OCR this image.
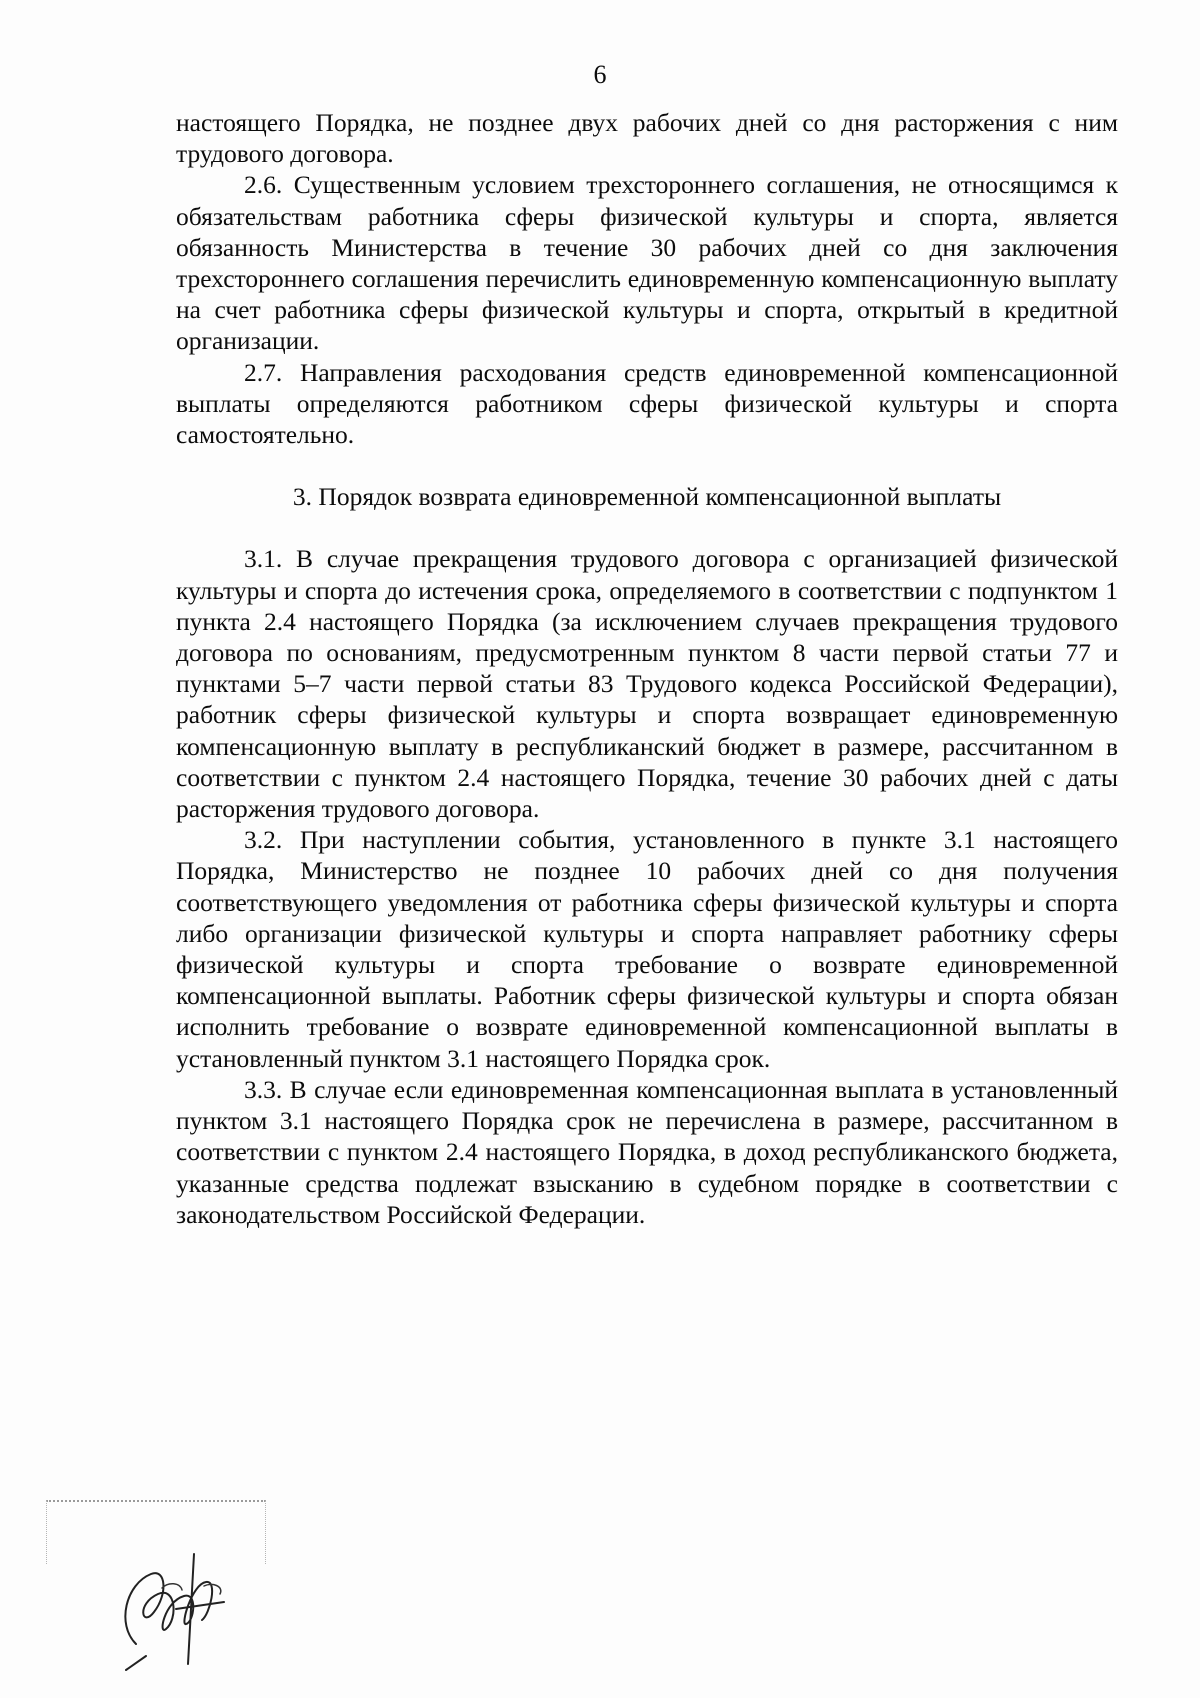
6

настоящего Порядка, не позднее двух рабочих дней со дня расторжения с ним трудового договора.

2.6. Существенным условием трехстороннего соглашения, не относящимся к обязательствам работника сферы физической культуры и спорта, является обязанность Министерства в течение 30 рабочих дней со дня заключения трехстороннего соглашения перечислить единовременную компенсационную выплату на счет работника сферы физической культуры и спорта, открытый в кредитной организации.

2.7. Направления расходования средств единовременной компенсационной выплаты определяются работником сферы физической культуры и спорта самостоятельно.

3. Порядок возврата единовременной компенсационной выплаты

3.1. В случае прекращения трудового договора с организацией физической культуры и спорта до истечения срока, определяемого в соответствии с подпунктом 1 пункта 2.4 настоящего Порядка (за исключением случаев прекращения трудового договора по основаниям, предусмотренным пунктом 8 части первой статьи 77 и пунктами 5–7 части первой статьи 83 Трудового кодекса Российской Федерации), работник сферы физической культуры и спорта возвращает единовременную компенсационную выплату в республиканский бюджет в размере, рассчитанном в соответствии с пунктом 2.4 настоящего Порядка, течение 30 рабочих дней с даты расторжения трудового договора.

3.2. При наступлении события, установленного в пункте 3.1 настоящего Порядка, Министерство не позднее 10 рабочих дней со дня получения соответствующего уведомления от работника сферы физической культуры и спорта либо организации физической культуры и спорта направляет работнику сферы физической культуры и спорта требование о возврате единовременной компенсационной выплаты. Работник сферы физической культуры и спорта обязан исполнить требование о возврате единовременной компенсационной выплаты в установленный пунктом 3.1 настоящего Порядка срок.

3.3. В случае если единовременная компенсационная выплата в установленный пунктом 3.1 настоящего Порядка срок не перечислена в размере, рассчитанном в соответствии с пунктом 2.4 настоящего Порядка, в доход республиканского бюджета, указанные средства подлежат взысканию в судебном порядке в соответствии с законодательством Российской Федерации.
